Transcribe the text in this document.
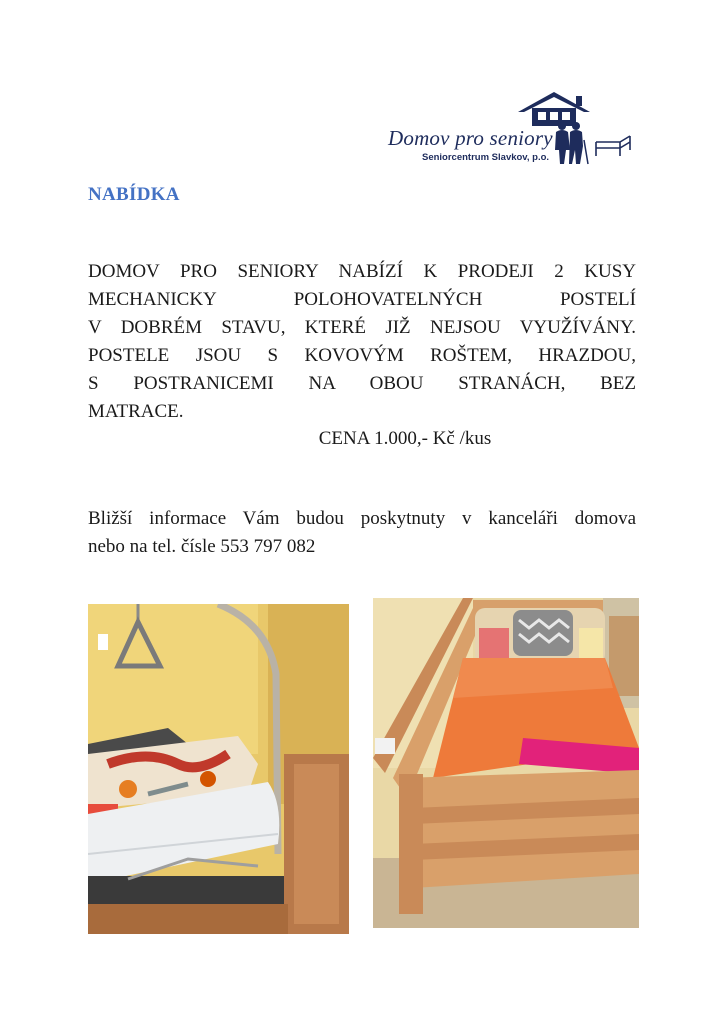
Domov pro seniory
Seniorcentrum Slavkov, p.o.
NABÍDKA
DOMOV PRO SENIORY NABÍZÍ K PRODEJI 2 KUSY
MECHANICKY POLOHOVATELNÝCH POSTELÍ
V DOBRÉM STAVU, KTERÉ JIŽ NEJSOU VYUŽÍVÁNY.
POSTELE JSOU S KOVOVÝM ROŠTEM, HRAZDOU,
S POSTRANICEMI NA OBOU STRANÁCH, BEZ
MATRACE.
CENA 1.000,- Kč /kus
Bližší informace Vám budou poskytnuty v kanceláři domova
nebo na tel. čísle 553 797 082
